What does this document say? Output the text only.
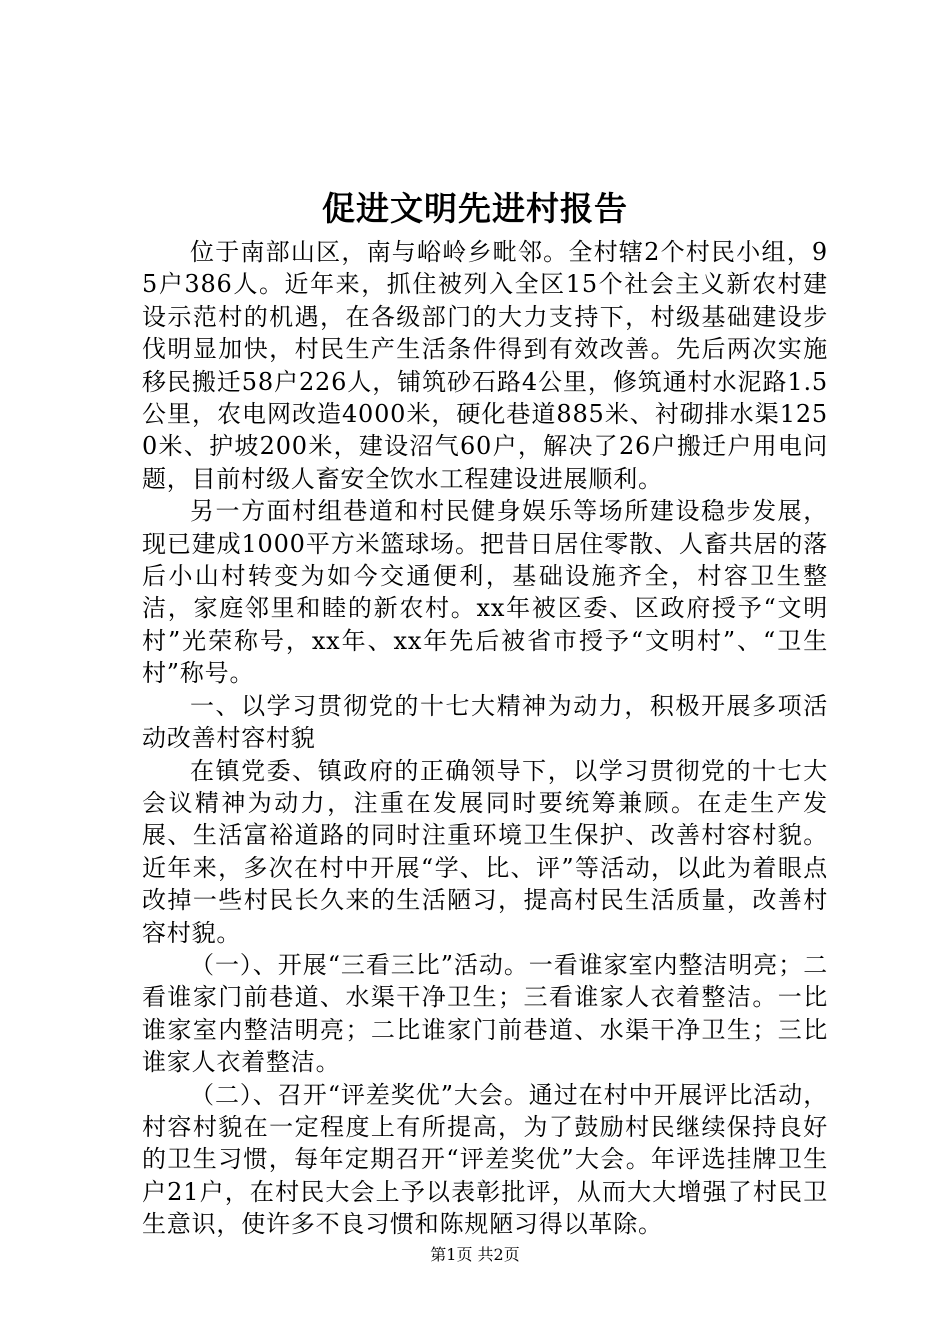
促进文明先进村报告

位于南部山区，南与峪岭乡毗邻。全村辖2个村民小组，95户386人。近年来，抓住被列入全区15个社会主义新农村建设示范村的机遇，在各级部门的大力支持下，村级基础建设步伐明显加快，村民生产生活条件得到有效改善。先后两次实施移民搬迁58户226人，铺筑砂石路4公里，修筑通村水泥路1.5公里，农电网改造4000米，硬化巷道885米、衬砌排水渠1250米、护坡200米，建设沼气60户，解决了26户搬迁户用电问题，目前村级人畜安全饮水工程建设进展顺利。

另一方面村组巷道和村民健身娱乐等场所建设稳步发展，现已建成1000平方米篮球场。把昔日居住零散、人畜共居的落后小山村转变为如今交通便利，基础设施齐全，村容卫生整洁，家庭邻里和睦的新农村。xx年被区委、区政府授予“文明村”光荣称号，xx年、xx年先后被省市授予“文明村”、“卫生村”称号。

一、以学习贯彻党的十七大精神为动力，积极开展多项活动改善村容村貌

在镇党委、镇政府的正确领导下，以学习贯彻党的十七大会议精神为动力，注重在发展同时要统筹兼顾。在走生产发展、生活富裕道路的同时注重环境卫生保护、改善村容村貌。近年来，多次在村中开展“学、比、评”等活动，以此为着眼点改掉一些村民长久来的生活陋习，提高村民生活质量，改善村容村貌。

（一）、开展“三看三比”活动。一看谁家室内整洁明亮；二看谁家门前巷道、水渠干净卫生；三看谁家人衣着整洁。一比谁家室内整洁明亮；二比谁家门前巷道、水渠干净卫生；三比谁家人衣着整洁。

（二）、召开“评差奖优”大会。通过在村中开展评比活动，村容村貌在一定程度上有所提高，为了鼓励村民继续保持良好的卫生习惯，每年定期召开“评差奖优”大会。年评选挂牌卫生户21户，在村民大会上予以表彰批评，从而大大增强了村民卫生意识，使许多不良习惯和陈规陋习得以革除。

第1页 共2页
